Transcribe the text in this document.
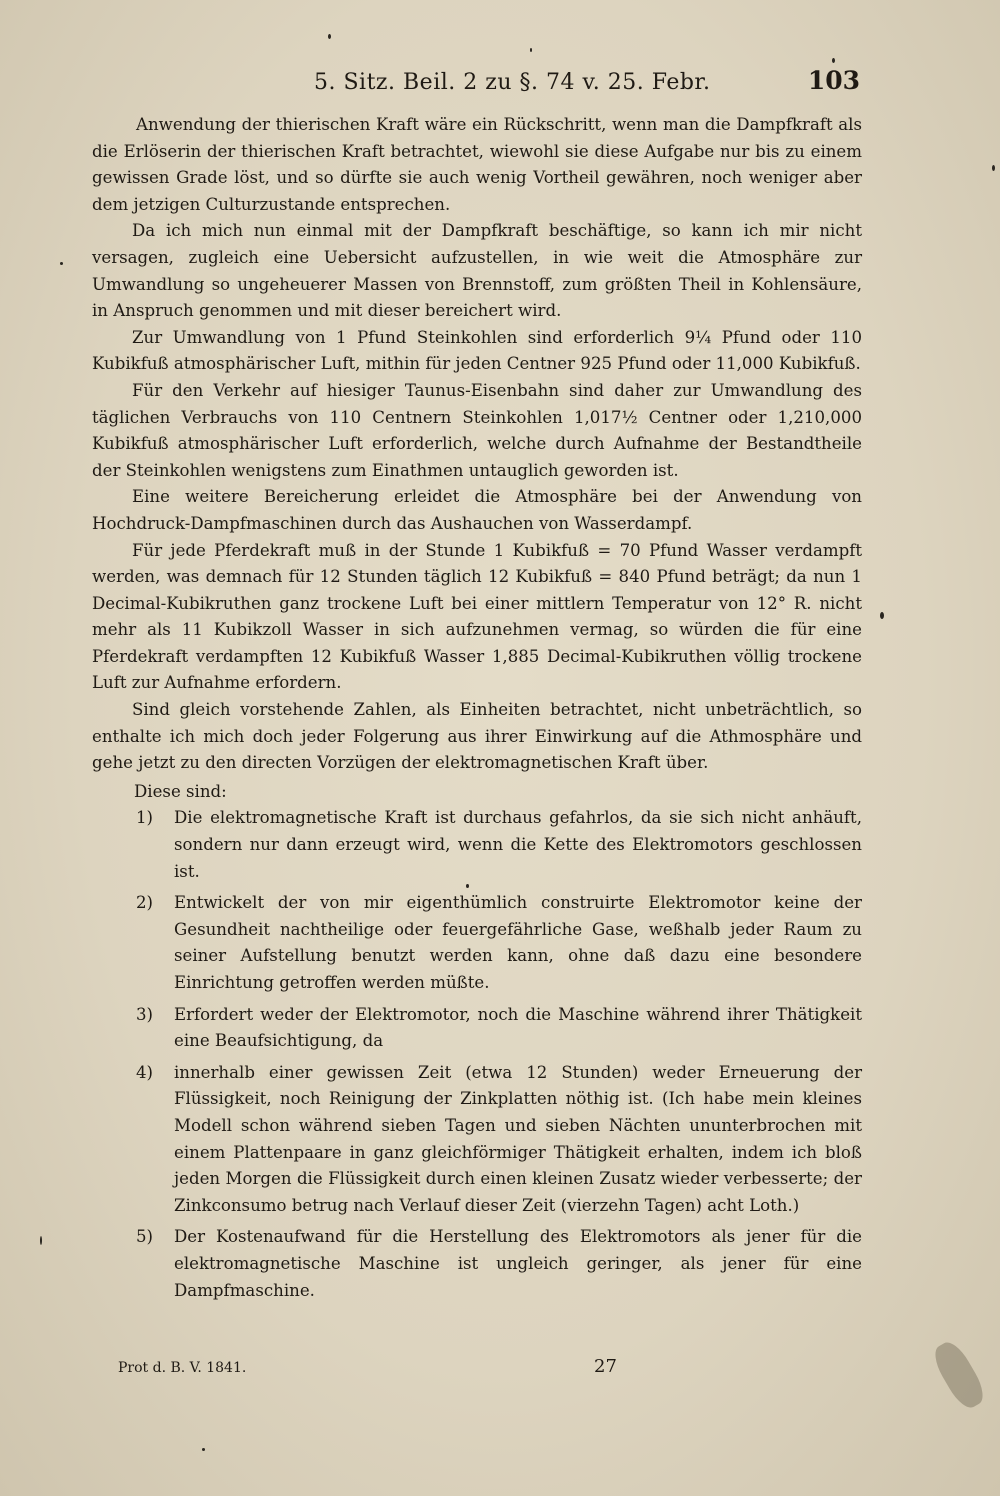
5. Sitz. Beil. 2 zu §. 74 v. 25. Febr.	103

Anwendung der thierischen Kraft wäre ein Rückschritt, wenn man die Dampfkraft als die Erlöserin der thierischen Kraft betrachtet, wiewohl sie diese Aufgabe nur bis zu einem gewissen Grade löst, und so dürfte sie auch wenig Vortheil gewähren, noch weniger aber dem jetzigen Culturzustande entsprechen.

Da ich mich nun einmal mit der Dampfkraft beschäftige, so kann ich mir nicht versagen, zugleich eine Uebersicht aufzustellen, in wie weit die Atmosphäre zur Umwandlung so ungeheuerer Massen von Brennstoff, zum größten Theil in Kohlensäure, in Anspruch genommen und mit dieser bereichert wird.

Zur Umwandlung von 1 Pfund Steinkohlen sind erforderlich 9¼ Pfund oder 110 Kubikfuß atmosphärischer Luft, mithin für jeden Centner 925 Pfund oder 11,000 Kubikfuß.

Für den Verkehr auf hiesiger Taunus-Eisenbahn sind daher zur Umwandlung des täglichen Verbrauchs von 110 Centnern Steinkohlen 1,017½ Centner oder 1,210,000 Kubikfuß atmosphärischer Luft erforderlich, welche durch Aufnahme der Bestandtheile der Steinkohlen wenigstens zum Einathmen untauglich geworden ist.

Eine weitere Bereicherung erleidet die Atmosphäre bei der Anwendung von Hochdruck-Dampfmaschinen durch das Aushauchen von Wasserdampf.

Für jede Pferdekraft muß in der Stunde 1 Kubikfuß = 70 Pfund Wasser verdampft werden, was demnach für 12 Stunden täglich 12 Kubikfuß = 840 Pfund beträgt; da nun 1 Decimal-Kubikruthen ganz trockene Luft bei einer mittlern Temperatur von 12° R. nicht mehr als 11 Kubikzoll Wasser in sich aufzunehmen vermag, so würden die für eine Pferdekraft verdampften 12 Kubikfuß Wasser 1,885 Decimal-Kubikruthen völlig trockene Luft zur Aufnahme erfordern.

Sind gleich vorstehende Zahlen, als Einheiten betrachtet, nicht unbeträchtlich, so enthalte ich mich doch jeder Folgerung aus ihrer Einwirkung auf die Athmosphäre und gehe jetzt zu den directen Vorzügen der elektromagnetischen Kraft über.

Diese sind:
1) Die elektromagnetische Kraft ist durchaus gefahrlos, da sie sich nicht anhäuft, sondern nur dann erzeugt wird, wenn die Kette des Elektromotors geschlossen ist.
2) Entwickelt der von mir eigenthümlich construirte Elektromotor keine der Gesundheit nachtheilige oder feuergefährliche Gase, weßhalb jeder Raum zu seiner Aufstellung benutzt werden kann, ohne daß dazu eine besondere Einrichtung getroffen werden müßte.
3) Erfordert weder der Elektromotor, noch die Maschine während ihrer Thätigkeit eine Beaufsichtigung, da
4) innerhalb einer gewissen Zeit (etwa 12 Stunden) weder Erneuerung der Flüssigkeit, noch Reinigung der Zinkplatten nöthig ist. (Ich habe mein kleines Modell schon während sieben Tagen und sieben Nächten ununterbrochen mit einem Plattenpaare in ganz gleichförmiger Thätigkeit erhalten, indem ich bloß jeden Morgen die Flüssigkeit durch einen kleinen Zusatz wieder verbesserte; der Zinkconsumo betrug nach Verlauf dieser Zeit (vierzehn Tagen) acht Loth.)
5) Der Kostenaufwand für die Herstellung des Elektromotors als jener für die elektromagnetische Maschine ist ungleich geringer, als jener für eine Dampfmaschine.
Prot d. B. V. 1841.	27
